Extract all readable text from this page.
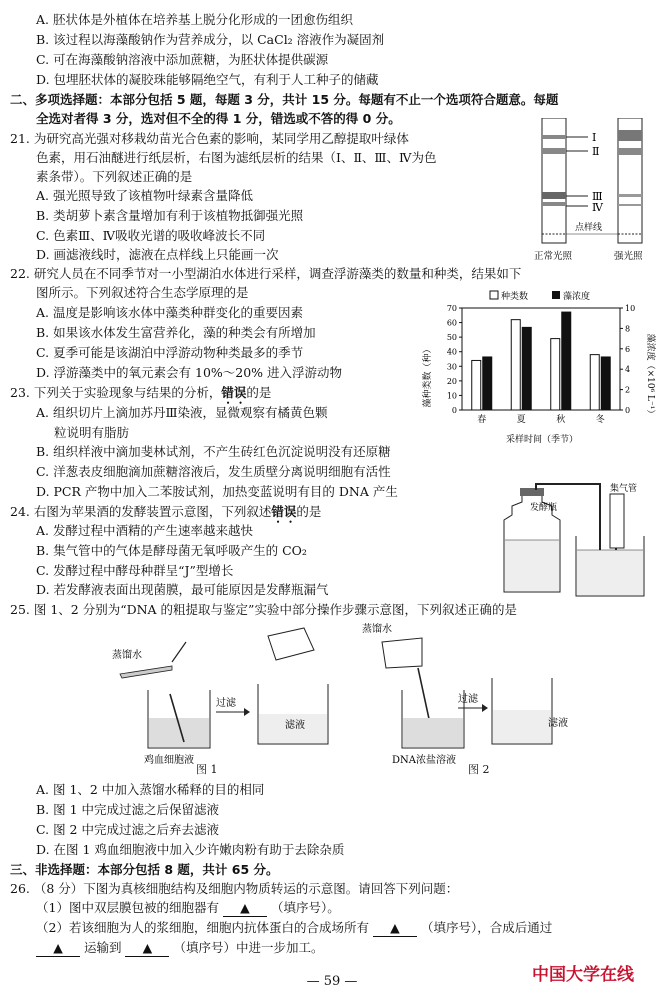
A. 胚状体是外植体在培养基上脱分化形成的一团愈伤组织
B. 该过程以海藻酸钠作为营养成分，以 CaCl₂ 溶液作为凝固剂
C. 可在海藻酸钠溶液中添加蔗糖，为胚状体提供碳源
D. 包埋胚状体的凝胶珠能够隔绝空气，有利于人工种子的储藏
二、多项选择题：本部分包括 5 题，每题 3 分，共计 15 分。每题有不止一个选项符合题意。每题
全选对者得 3 分，选对但不全的得 1 分，错选或不答的得 0 分。
21. 为研究高光强对移栽幼苗光合色素的影响，某同学用乙醇提取叶绿体
色素，用石油醚进行纸层析，右图为滤纸层析的结果（Ⅰ、Ⅱ、Ⅲ、Ⅳ为色
素条带）。下列叙述正确的是
A. 强光照导致了该植物叶绿素含量降低
B. 类胡萝卜素含量增加有利于该植物抵御强光照
C. 色素Ⅲ、Ⅳ吸收光谱的吸收峰波长不同
D. 画滤液线时，滤液在点样线上只能画一次
Ⅰ
Ⅱ
Ⅲ
Ⅳ
点样线
正常光照	强光照
22. 研究人员在不同季节对一小型湖泊水体进行采样，调查浮游藻类的数量和种类，结果如下
图所示。下列叙述符合生态学原理的是
A. 温度是影响该水体中藻类种群变化的重要因素
B. 如果该水体发生富营养化，藻的种类会有所增加
C. 夏季可能是该湖泊中浮游动物种类最多的季节
D. 浮游藻类中的氧元素会有 10%～20% 进入浮游动物
种类数	藻浓度
0
10
20
30
40
50
60
70
0
2
4
6
8
10
春	夏	秋	冬
藻种类数（种）	藻浓度（×10⁶ L⁻¹）
采样时间（季节）
23. 下列关于实验现象与结果的分析，错误的是
A. 组织切片上滴加苏丹Ⅲ染液，显微观察有橘黄色颗
粒说明有脂肪
B. 组织样液中滴加斐林试剂，不产生砖红色沉淀说明没有还原糖
C. 洋葱表皮细胞滴加蔗糖溶液后，发生质壁分离说明细胞有活性
D. PCR 产物中加入二苯胺试剂，加热变蓝说明有目的 DNA 产生
24. 右图为苹果酒的发酵装置示意图，下列叙述错误的是
A. 发酵过程中酒精的产生速率越来越快
B. 集气管中的气体是酵母菌无氧呼吸产生的 CO₂
C. 发酵过程中酵母种群呈“J”型增长
D. 若发酵液表面出现菌膜，最可能原因是发酵瓶漏气
发酵瓶
集气管
25. 图 1、2 分别为“DNA 的粗提取与鉴定”实验中部分操作步骤示意图，下列叙述正确的是
蒸馏水
鸡血细胞液
过滤
滤液
图 1
蒸馏水
DNA浓盐溶液
过滤
滤液
图 2
A. 图 1、2 中加入蒸馏水稀释的目的相同
B. 图 1 中完成过滤之后保留滤液
C. 图 2 中完成过滤之后弃去滤液
D. 在图 1 鸡血细胞液中加入少许嫩肉粉有助于去除杂质
三、非选择题：本部分包括 8 题，共计 65 分。
26. （8 分）下图为真核细胞结构及细胞内物质转运的示意图。请回答下列问题：
（1）图中双层膜包被的细胞器有 ▲ （填序号）。
（2）若该细胞为人的浆细胞，细胞内抗体蛋白的合成场所有 ▲ （填序号），合成后通过
▲ 运输到 ▲ （填序号）中进一步加工。
— 59 —	中国大学在线
